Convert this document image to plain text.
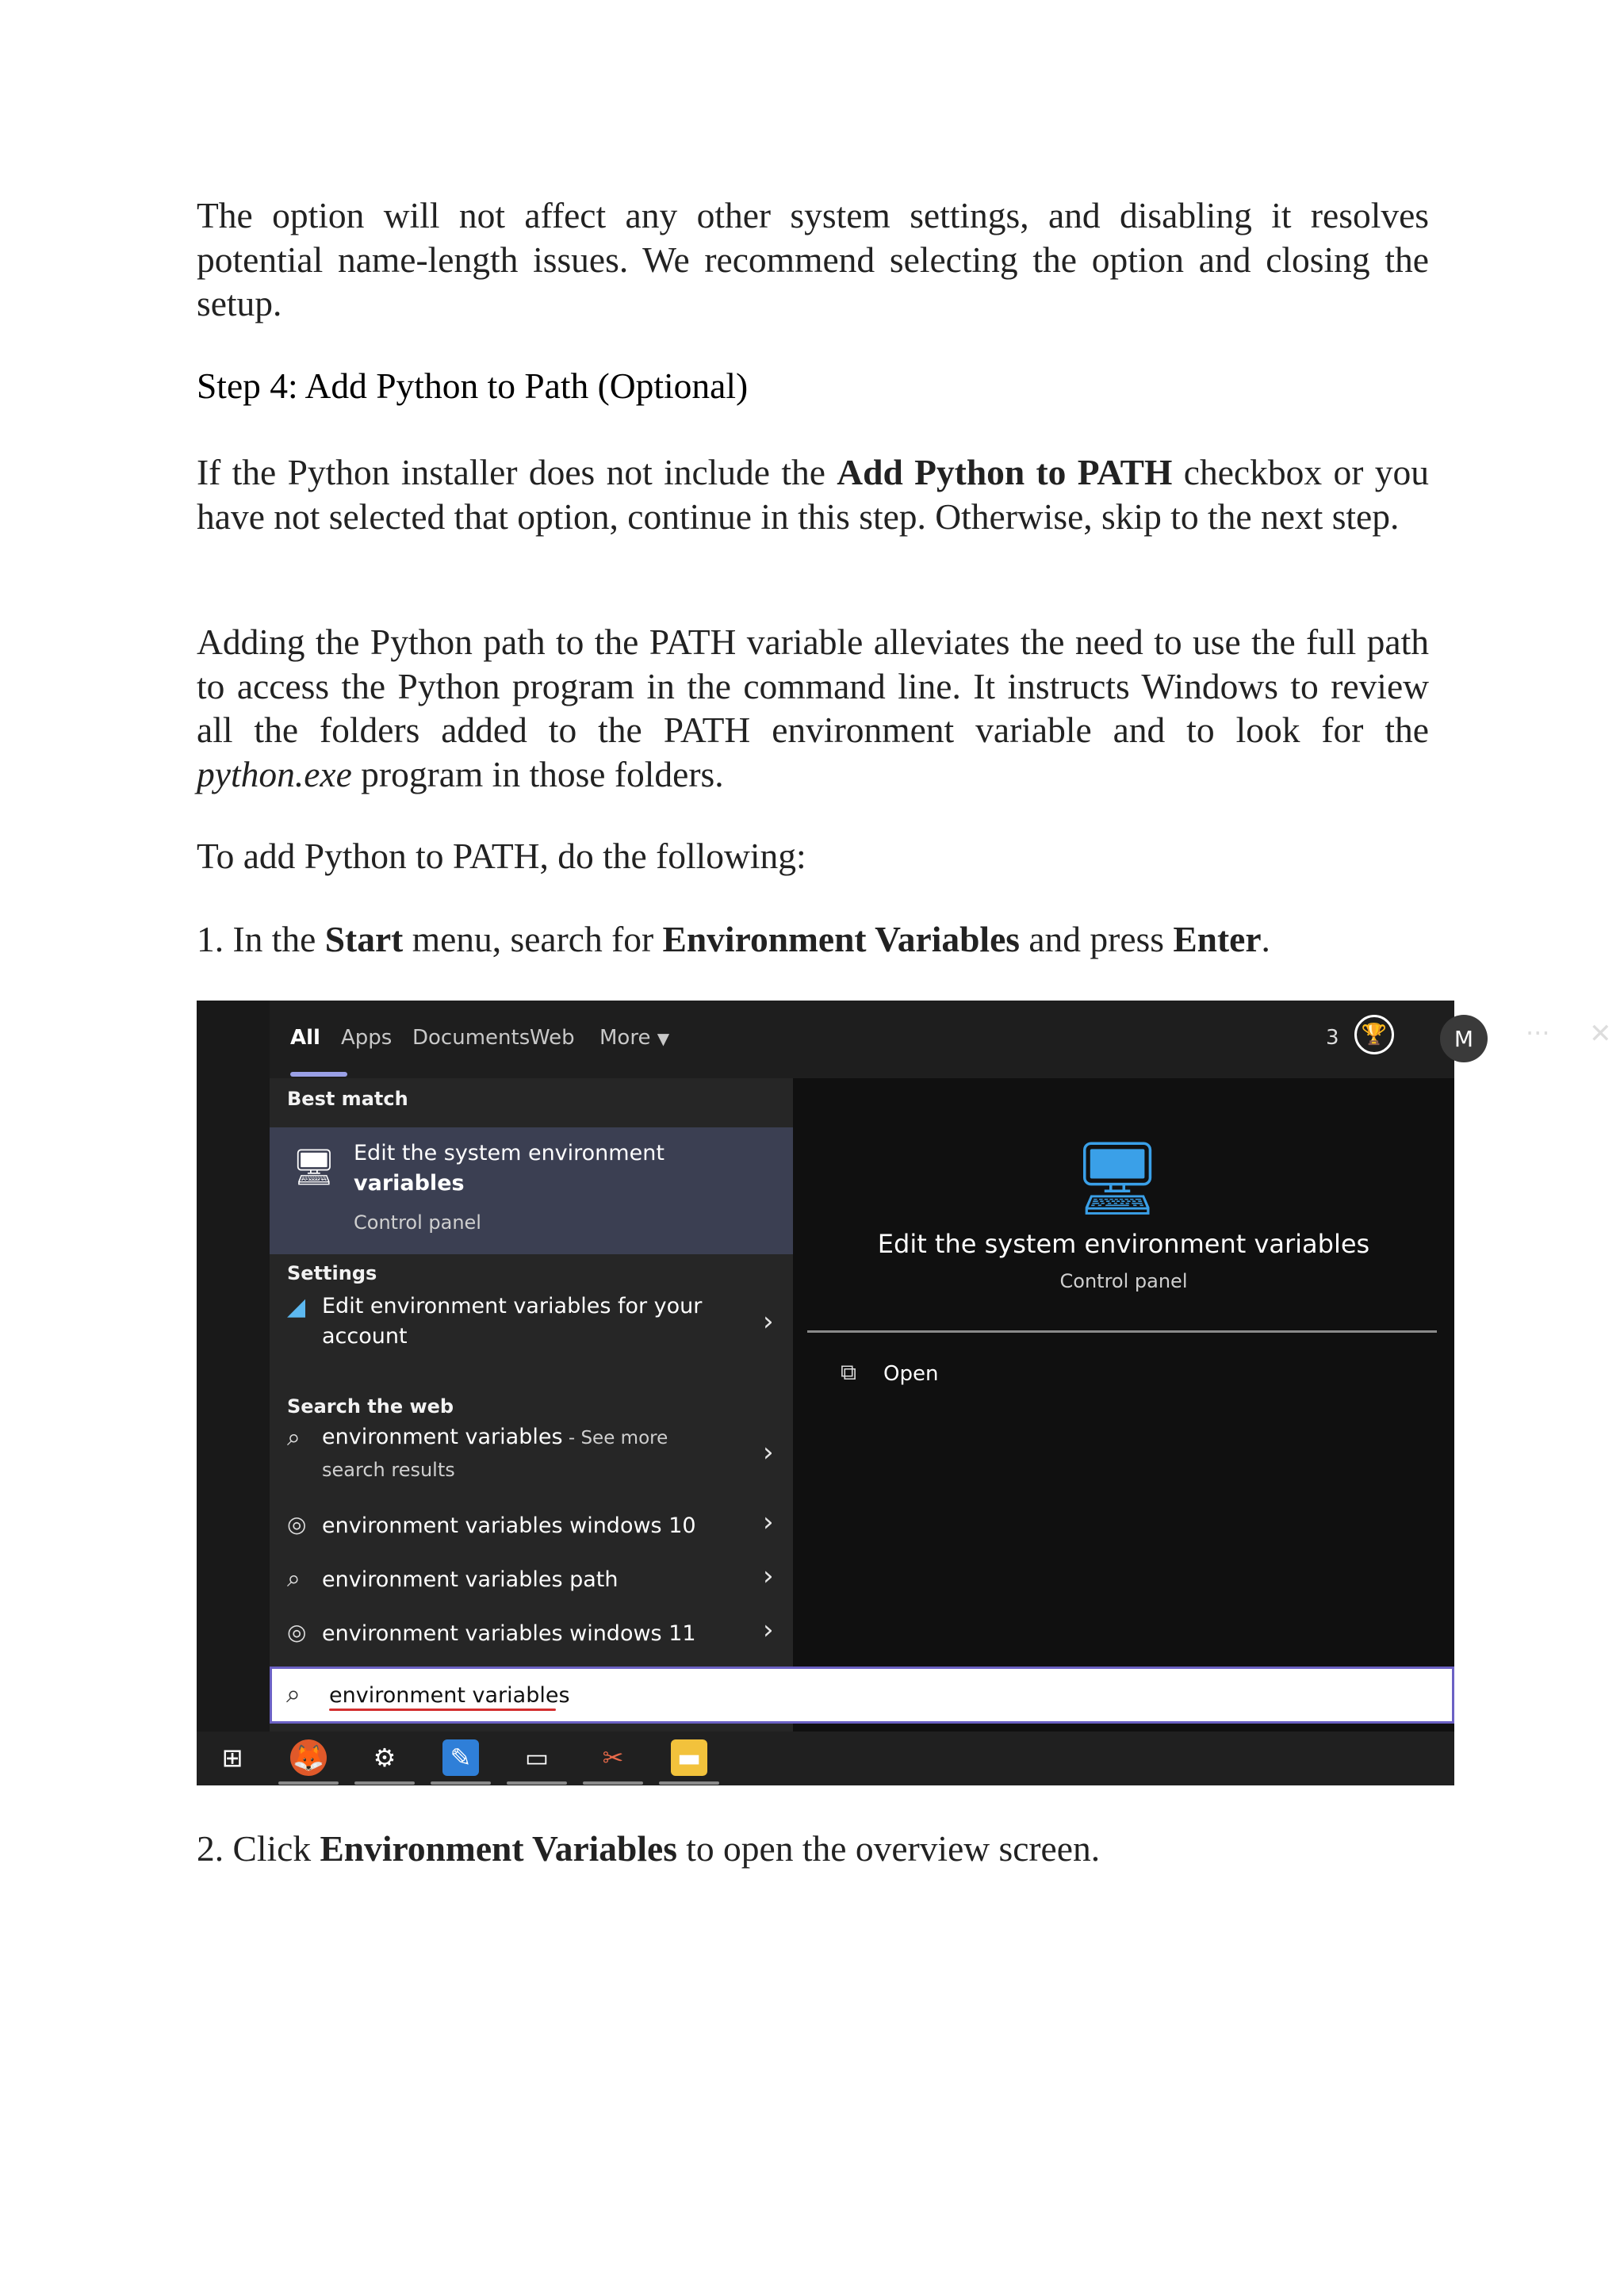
The option will not affect any other system settings, and disabling it resolves potential name-length issues. We recommend selecting the option and closing the setup.

Step 4: Add Python to Path (Optional)

If the Python installer does not include the Add Python to PATH checkbox or you have not selected that option, continue in this step. Otherwise, skip to the next step.

Adding the Python path to the PATH variable alleviates the need to use the full path to access the Python program in the command line. It instructs Windows to review all the folders added to the PATH environment variable and to look for the python.exe program in those folders.

To add Python to PATH, do the following:

1. In the Start menu, search for Environment Variables and press Enter.

All Apps Documents Web More ▼	3	🏆	M	··· ✕
Best match
🖥 Edit the system environment
variables
Control panel
Settings
◢ Edit environment variables for your
account	›
Search the web
⌕ environment variables - See more
search results
›
◎ environment variables windows 10 ›
⌕ environment variables path	›
◎ environment variables windows 11 ›
🖥
Edit the system environment variables
Control panel
⧉ Open
⌕ environment variables
⊞ 🦊 ⚙ ✎ ▭ ✂ ▬

2. Click Environment Variables to open the overview screen.
